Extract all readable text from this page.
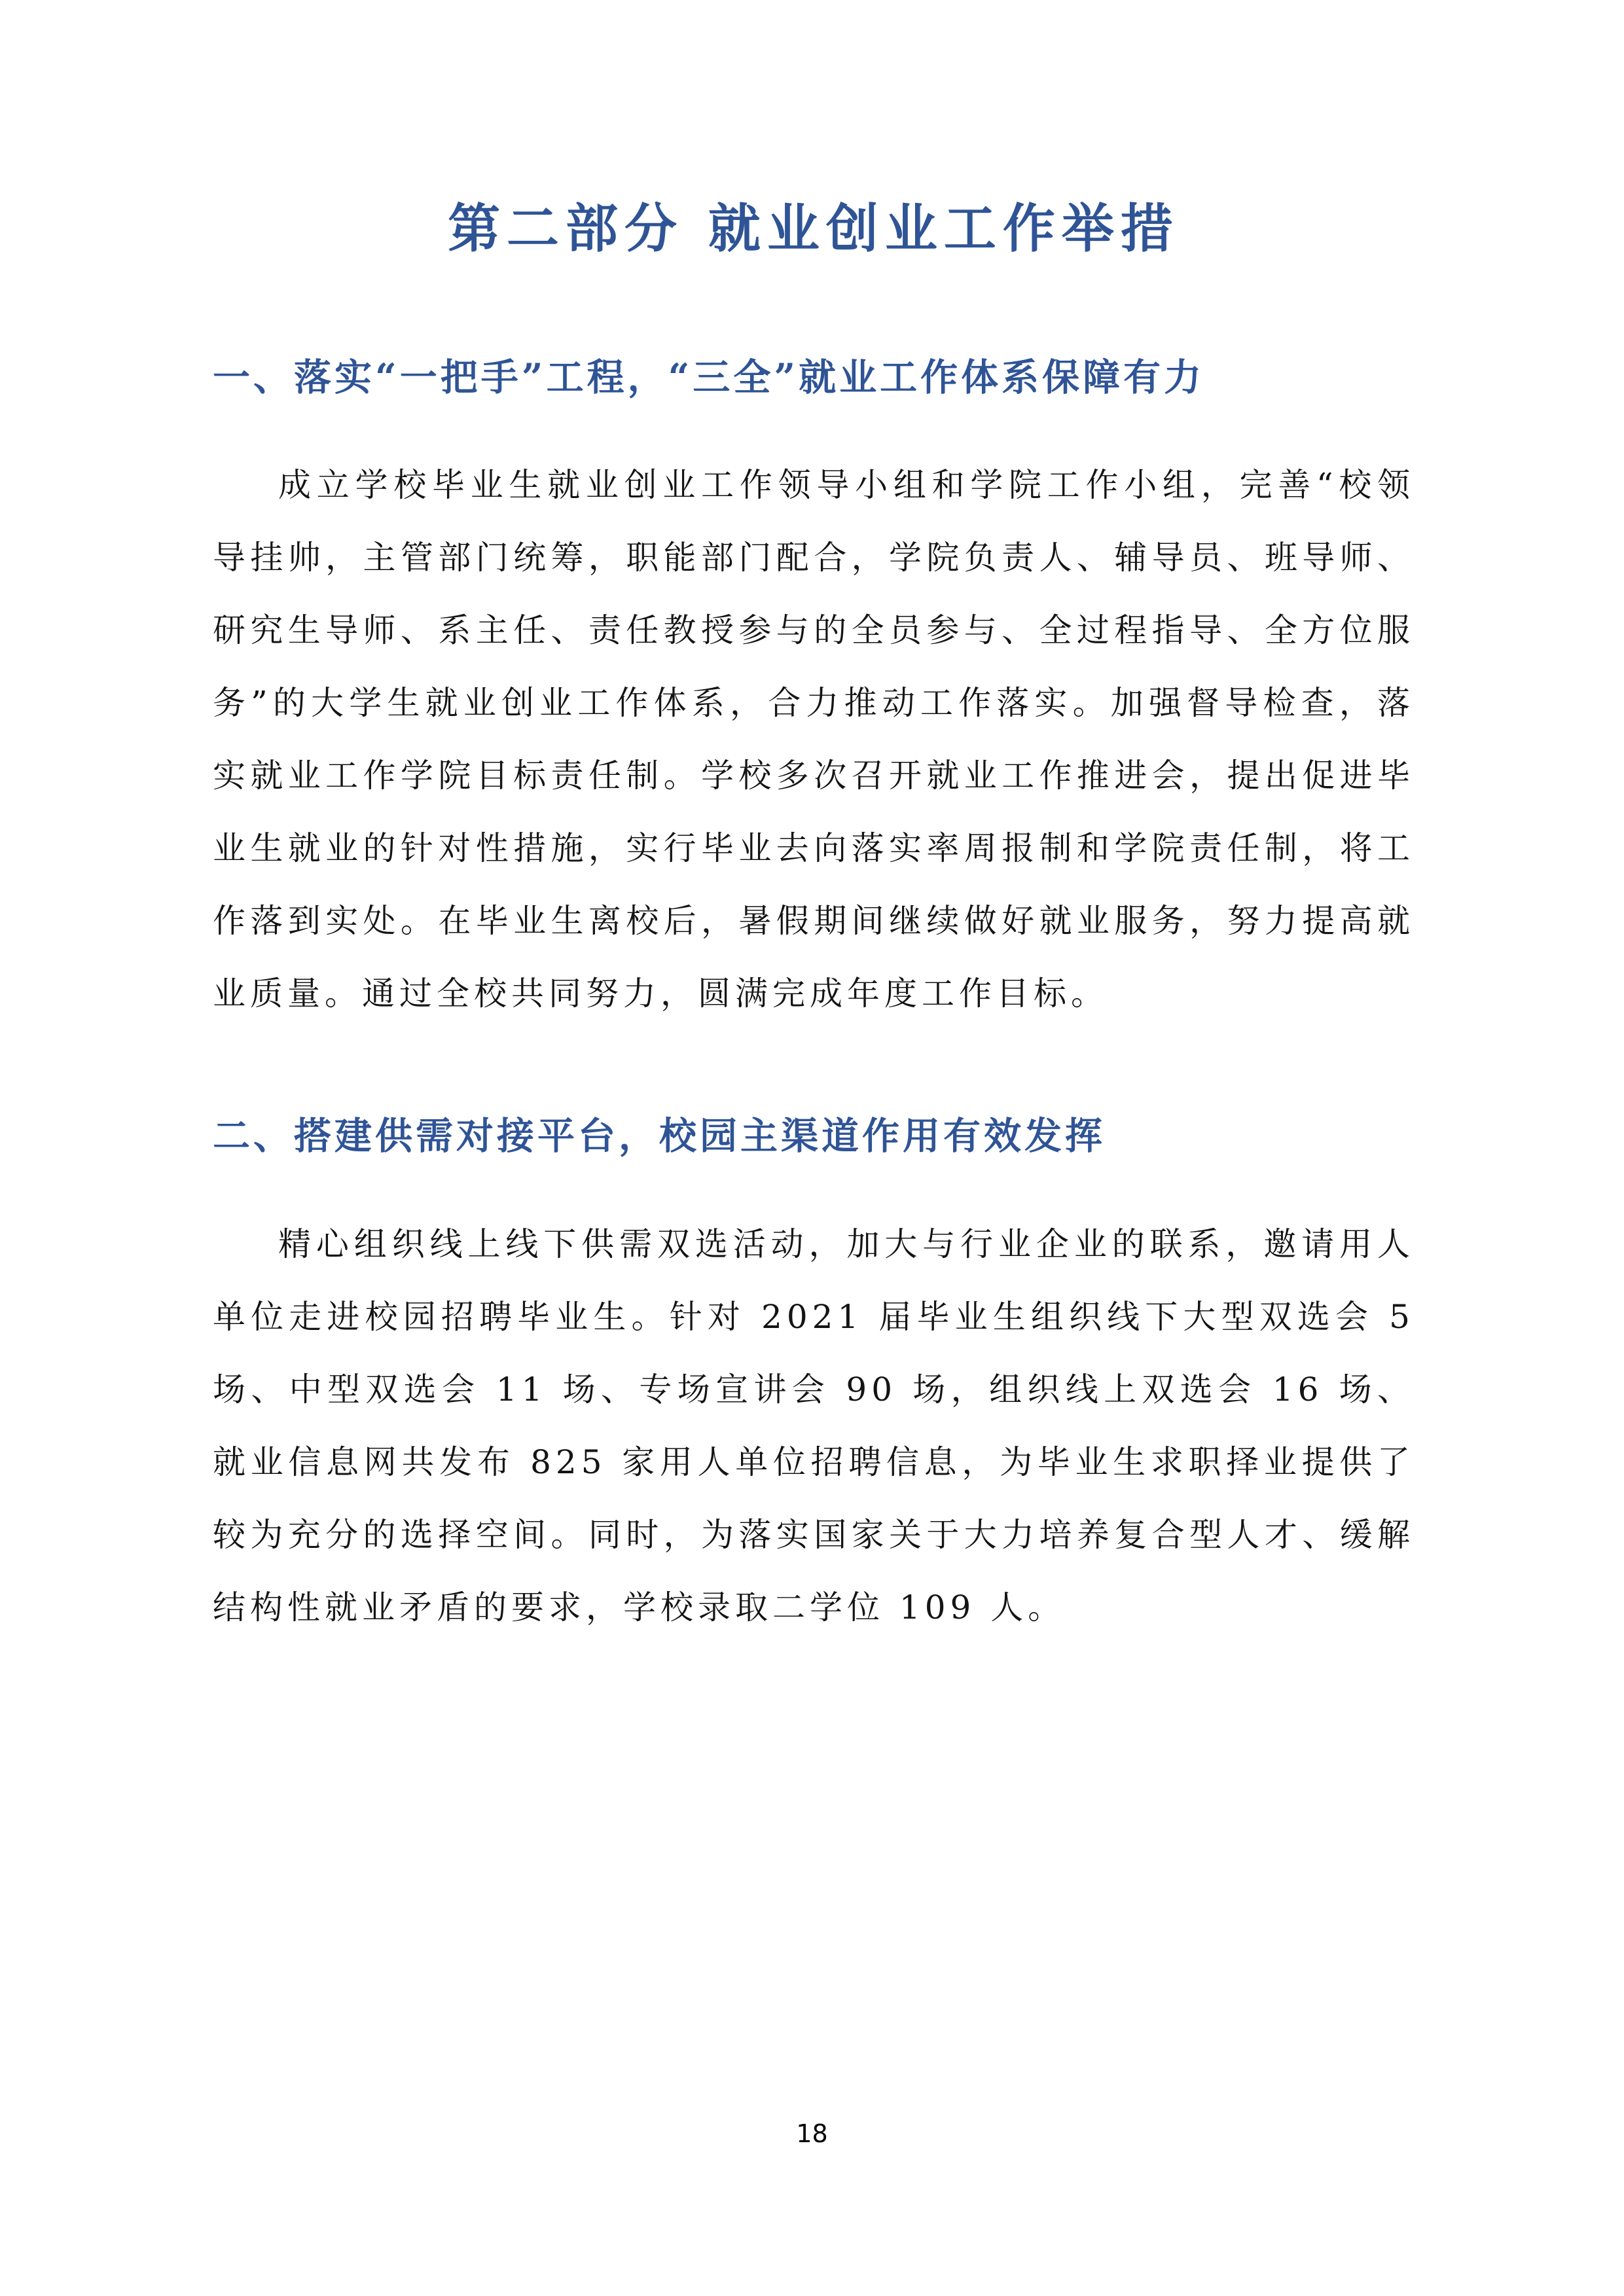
第二部分 就业创业工作举措
一、落实“一把手”工程，“三全”就业工作体系保障有力

成立学校毕业生就业创业工作领导小组和学院工作小组，完善“校领导挂帅，主管部门统筹，职能部门配合，学院负责人、辅导员、班导师、研究生导师、系主任、责任教授参与的全员参与、全过程指导、全方位服务”的大学生就业创业工作体系，合力推动工作落实。加强督导检查，落实就业工作学院目标责任制。学校多次召开就业工作推进会，提出促进毕业生就业的针对性措施，实行毕业去向落实率周报制和学院责任制，将工作落到实处。在毕业生离校后，暑假期间继续做好就业服务，努力提高就业质量。通过全校共同努力，圆满完成年度工作目标。

二、搭建供需对接平台，校园主渠道作用有效发挥

精心组织线上线下供需双选活动，加大与行业企业的联系，邀请用人单位走进校园招聘毕业生。针对 2021 届毕业生组织线下大型双选会 5 场、中型双选会 11 场、专场宣讲会 90 场，组织线上双选会 16 场、就业信息网共发布 825 家用人单位招聘信息，为毕业生求职择业提供了较为充分的选择空间。同时，为落实国家关于大力培养复合型人才、缓解结构性就业矛盾的要求，学校录取二学位 109 人。

18
